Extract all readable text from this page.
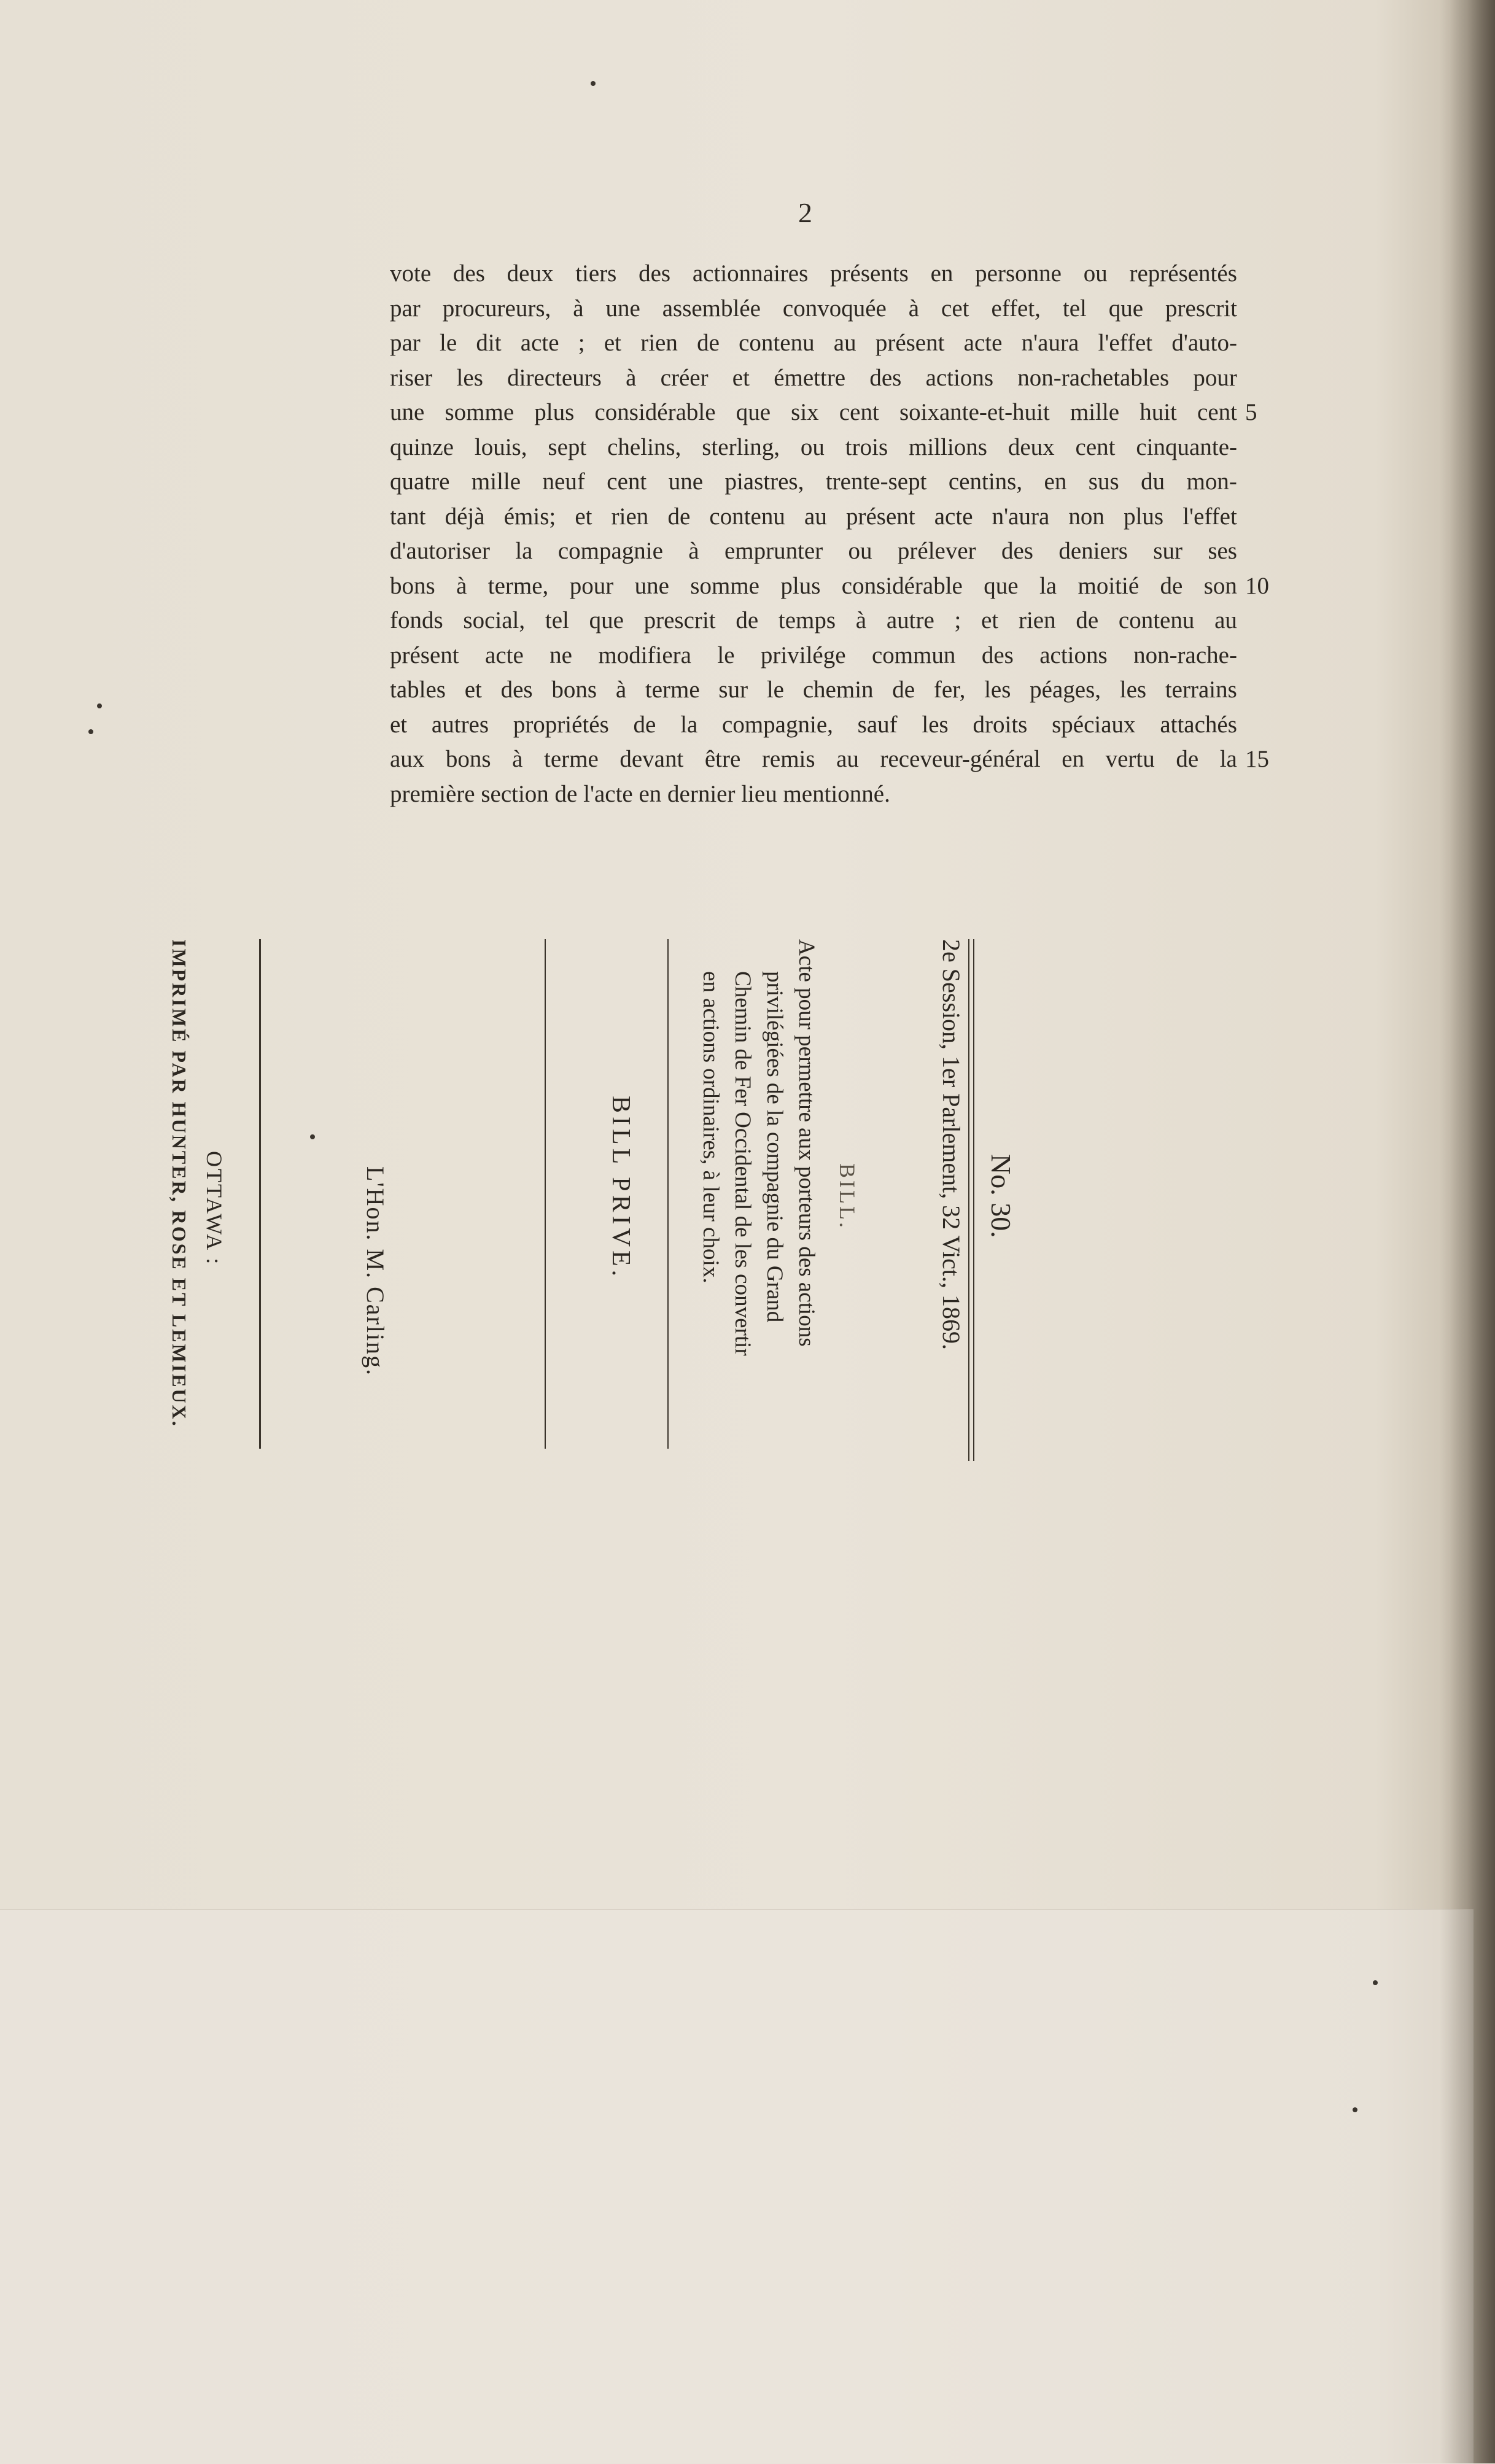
2
vote des deux tiers des actionnaires présents en personne ou représentés
par procureurs, à une assemblée convoquée à cet effet, tel que prescrit
par le dit acte ; et rien de contenu au présent acte n'aura l'effet d'auto-
riser les directeurs à créer et émettre des actions non-rachetables pour
une somme plus considérable que six cent soixante-et-huit mille huit cent
quinze louis, sept chelins, sterling, ou trois millions deux cent cinquante-
quatre mille neuf cent une piastres, trente-sept centins, en sus du mon-
tant déjà émis; et rien de contenu au présent acte n'aura non plus l'effet
d'autoriser la compagnie à emprunter ou prélever des deniers sur ses
bons à terme, pour une somme plus considérable que la moitié de son
fonds social, tel que prescrit de temps à autre ; et rien de contenu au
présent acte ne modifiera le privilége commun des actions non-rache-
tables et des bons à terme sur le chemin de fer, les péages, les terrains
et autres propriétés de la compagnie, sauf les droits spéciaux attachés
aux bons à terme devant être remis au receveur-général en vertu de la
première section de l'acte en dernier lieu mentionné.
5
10
15
No. 30.
2e Session, 1er Parlement, 32 Vict., 1869.
BILL.
Acte pour permettre aux porteurs des actions
privilégiées de la compagnie du Grand
Chemin de Fer Occidental de les convertir
en actions ordinaires, à leur choix.
BILL PRIVE.
L'Hon. M. Carling.
OTTAWA :
IMPRIMÉ PAR HUNTER, ROSE ET LEMIEUX.
